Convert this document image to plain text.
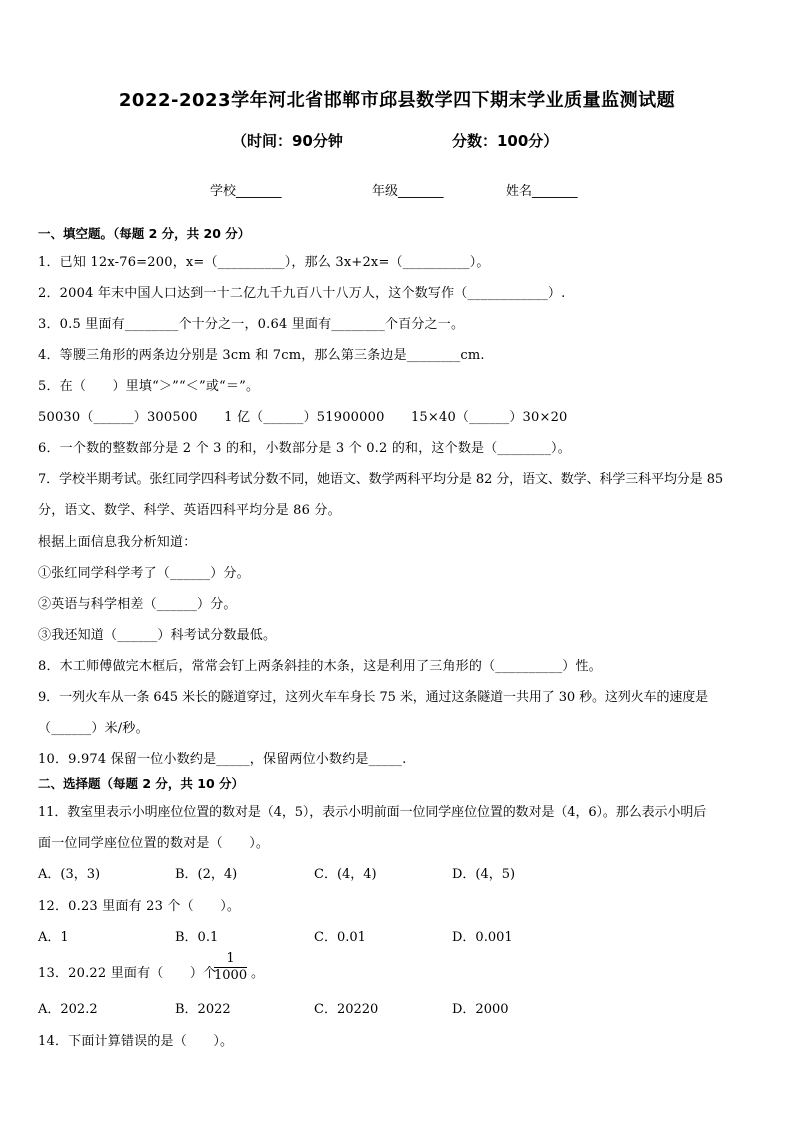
2022-2023学年河北省邯郸市邱县数学四下期末学业质量监测试题
（时间：90分钟	分数：100分）
学校_______	年级_______	姓名_______
一、填空题。（每题 2 分，共 20 分）
1．已知 12x-76=200，x=（__________），那么 3x+2x=（__________）。
2．2004 年末中国人口达到一十二亿九千九百八十八万人，这个数写作（____________）.
3．0.5 里面有________个十分之一，0.64 里面有________个百分之一。
4．等腰三角形的两条边分别是 3cm 和 7cm，那么第三条边是________cm.
5．在（　　）里填“＞”“＜”或“＝”。
50030（______）300500　　1 亿（______）51900000　　15×40（______）30×20
6．一个数的整数部分是 2 个 3 的和，小数部分是 3 个 0.2 的和，这个数是（________）。
7．学校半期考试。张红同学四科考试分数不同，她语文、数学两科平均分是 82 分，语文、数学、科学三科平均分是 85
分，语文、数学、科学、英语四科平均分是 86 分。
根据上面信息我分析知道：
①张红同学科学考了（______）分。
②英语与科学相差（______）分。
③我还知道（______）科考试分数最低。
8．木工师傅做完木框后，常常会钉上两条斜挂的木条，这是利用了三角形的（__________）性。
9．一列火车从一条 645 米长的隧道穿过，这列火车车身长 75 米，通过这条隧道一共用了 30 秒。这列火车的速度是
（______）米/秒。
10．9.974 保留一位小数约是_____，保留两位小数约是_____.
二、选择题（每题 2 分，共 10 分）
11．教室里表示小明座位位置的数对是（4，5），表示小明前面一位同学座位位置的数对是（4，6）。那么表示小明后
面一位同学座位位置的数对是（　　）。
A．(3，3)	B．(2，4)	C．(4，4)	D．(4，5)
12．0.23 里面有 23 个（　　）。
A．1	B．0.1	C．0.01	D．0.001
13．20.22 里面有（　　）个
$\frac{1}{1000}$ 。
A．202.2	B．2022	C．20220	D．2000
14．下面计算错误的是（　　）。
